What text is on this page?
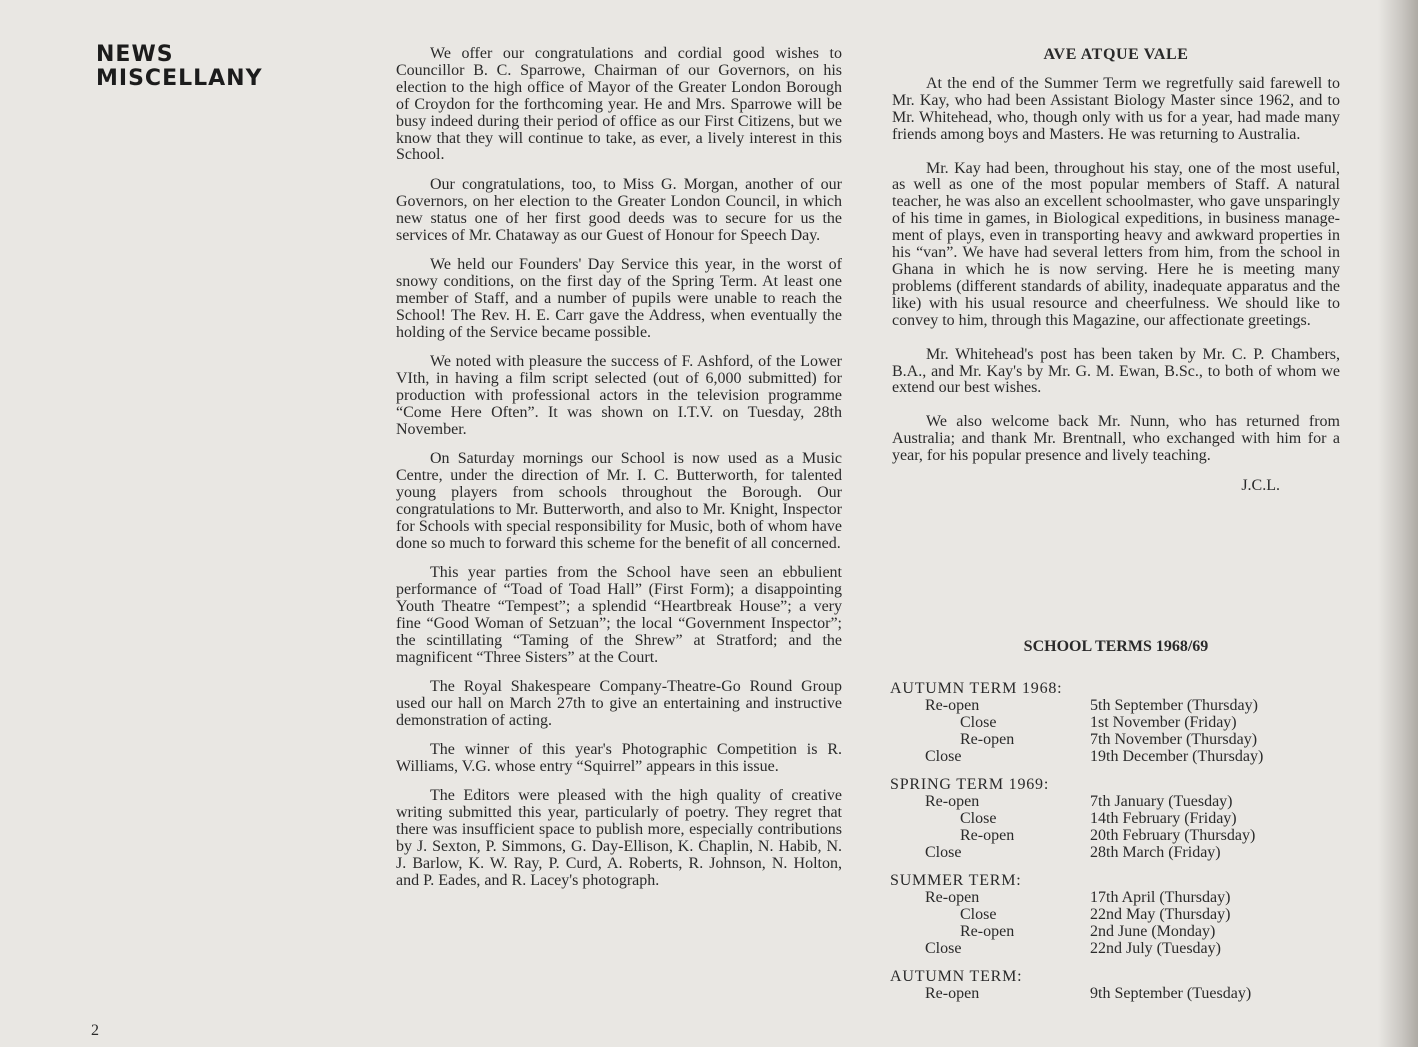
NEWS
MISCELLANY

We offer our congratulations and cordial good wishes to Councillor B. C. Sparrowe, Chairman of our Governors, on his election to the high office of Mayor of the Greater London Borough of Croydon for the forthcoming year. He and Mrs. Sparrowe will be busy indeed during their period of office as our First Citizens, but we know that they will continue to take, as ever, a lively interest in this School.

Our congratulations, too, to Miss G. Morgan, another of our Governors, on her election to the Greater London Council, in which new status one of her first good deeds was to secure for us the services of Mr. Chataway as our Guest of Honour for Speech Day.

We held our Founders' Day Service this year, in the worst of snowy conditions, on the first day of the Spring Term. At least one member of Staff, and a number of pupils were unable to reach the School! The Rev. H. E. Carr gave the Address, when eventually the holding of the Service became possible.

We noted with pleasure the success of F. Ashford, of the Lower VIth, in having a film script selected (out of 6,000 submitted) for production with professional actors in the television programme “Come Here Often”. It was shown on I.T.V. on Tuesday, 28th November.

On Saturday mornings our School is now used as a Music Centre, under the direction of Mr. I. C. Butterworth, for talented young players from schools throughout the Borough. Our congratulations to Mr. Butterworth, and also to Mr. Knight, Inspector for Schools with special responsibility for Music, both of whom have done so much to forward this scheme for the benefit of all concerned.

This year parties from the School have seen an ebbulient performance of “Toad of Toad Hall” (First Form); a disappointing Youth Theatre “Tempest”; a splendid “Heartbreak House”; a very fine “Good Woman of Setzuan”; the local “Government Inspector”; the scintillating “Taming of the Shrew” at Stratford; and the magnificent “Three Sisters” at the Court.

The Royal Shakespeare Company-Theatre-Go Round Group used our hall on March 27th to give an entertaining and instructive demonstration of acting.

The winner of this year's Photographic Competition is R. Williams, V.G. whose entry “Squirrel” appears in this issue.

The Editors were pleased with the high quality of creative writing submitted this year, particularly of poetry. They regret that there was insufficient space to publish more, especially contributions by J. Sexton, P. Simmons, G. Day-Ellison, K. Chaplin, N. Habib, N. J. Barlow, K. W. Ray, P. Curd, A. Roberts, R. Johnson, N. Holton, and P. Eades, and R. Lacey's photograph.

AVE ATQUE VALE

At the end of the Summer Term we regretfully said farewell to Mr. Kay, who had been Assistant Biology Master since 1962, and to Mr. Whitehead, who, though only with us for a year, had made many friends among boys and Masters. He was returning to Australia.

Mr. Kay had been, throughout his stay, one of the most useful, as well as one of the most popular members of Staff. A natural teacher, he was also an excellent schoolmaster, who gave unsparingly of his time in games, in Biological expeditions, in business management of plays, even in transporting heavy and awkward properties in his “van”. We have had several letters from him, from the school in Ghana in which he is now serving. Here he is meeting many problems (different standards of ability, inadequate apparatus and the like) with his usual resource and cheerfulness. We should like to convey to him, through this Magazine, our affectionate greetings.

Mr. Whitehead's post has been taken by Mr. C. P. Chambers, B.A., and Mr. Kay's by Mr. G. M. Ewan, B.Sc., to both of whom we extend our best wishes.

We also welcome back Mr. Nunn, who has returned from Australia; and thank Mr. Brentnall, who exchanged with him for a year, for his popular presence and lively teaching.

J.C.L.
SCHOOL TERMS 1968/69
AUTUMN TERM 1968:
Re-open	5th September (Thursday)
Close	1st November (Friday)
Re-open	7th November (Thursday)
Close	19th December (Thursday)
SPRING TERM 1969:
Re-open	7th January (Tuesday)
Close	14th February (Friday)
Re-open	20th February (Thursday)
Close	28th March (Friday)
SUMMER TERM:
Re-open	17th April (Thursday)
Close	22nd May (Thursday)
Re-open	2nd June (Monday)
Close	22nd July (Tuesday)
AUTUMN TERM:
Re-open	9th September (Tuesday)
2
